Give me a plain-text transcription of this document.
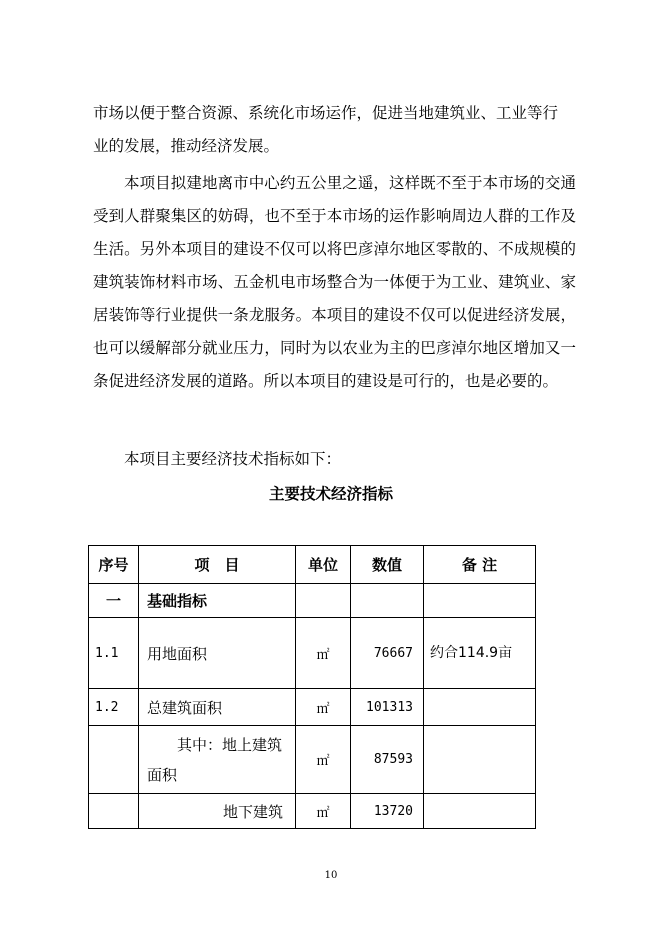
市场以便于整合资源、系统化市场运作，促进当地建筑业、工业等行
业的发展，推动经济发展。

本项目拟建地离市中心约五公里之遥，这样既不至于本市场的交通受到人群聚集区的妨碍，也不至于本市场的运作影响周边人群的工作及生活。另外本项目的建设不仅可以将巴彦淖尔地区零散的、不成规模的建筑装饰材料市场、五金机电市场整合为一体便于为工业、建筑业、家居装饰等行业提供一条龙服务。本项目的建设不仅可以促进经济发展，也可以缓解部分就业压力，同时为以农业为主的巴彦淖尔地区增加又一条促进经济发展的道路。所以本项目的建设是可行的，也是必要的。

本项目主要经济技术指标如下：

主要技术经济指标
序号	项　目	单位	数值	备 注
一	基础指标			
1.1	用地面积	㎡	76667	约合114.9亩
1.2	总建筑面积	㎡	101313	
	其中：地上建筑面积	㎡	87593	
	地下建筑	㎡	13720	
10
